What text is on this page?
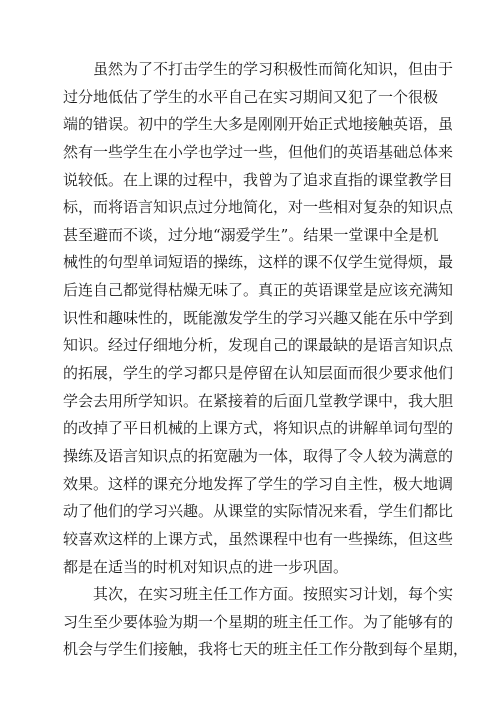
虽然为了不打击学生的学习积极性而简化知识，但由于
过分地低估了学生的水平自己在实习期间又犯了一个很极
端的错误。初中的学生大多是刚刚开始正式地接触英语，虽
然有一些学生在小学也学过一些，但他们的英语基础总体来
说较低。在上课的过程中，我曾为了追求直指的课堂教学目
标，而将语言知识点过分地简化，对一些相对复杂的知识点
甚至避而不谈，过分地“溺爱学生”。结果一堂课中全是机
械性的句型单词短语的操练，这样的课不仅学生觉得烦，最
后连自己都觉得枯燥无味了。真正的英语课堂是应该充满知
识性和趣味性的，既能激发学生的学习兴趣又能在乐中学到
知识。经过仔细地分析，发现自己的课最缺的是语言知识点
的拓展，学生的学习都只是停留在认知层面而很少要求他们
学会去用所学知识。在紧接着的后面几堂教学课中，我大胆
的改掉了平日机械的上课方式，将知识点的讲解单词句型的
操练及语言知识点的拓宽融为一体，取得了令人较为满意的
效果。这样的课充分地发挥了学生的学习自主性，极大地调
动了他们的学习兴趣。从课堂的实际情况来看，学生们都比
较喜欢这样的上课方式，虽然课程中也有一些操练，但这些
都是在适当的时机对知识点的进一步巩固。
其次，在实习班主任工作方面。按照实习计划，每个实
习生至少要体验为期一个星期的班主任工作。为了能够有的
机会与学生们接触，我将七天的班主任工作分散到每个星期，
